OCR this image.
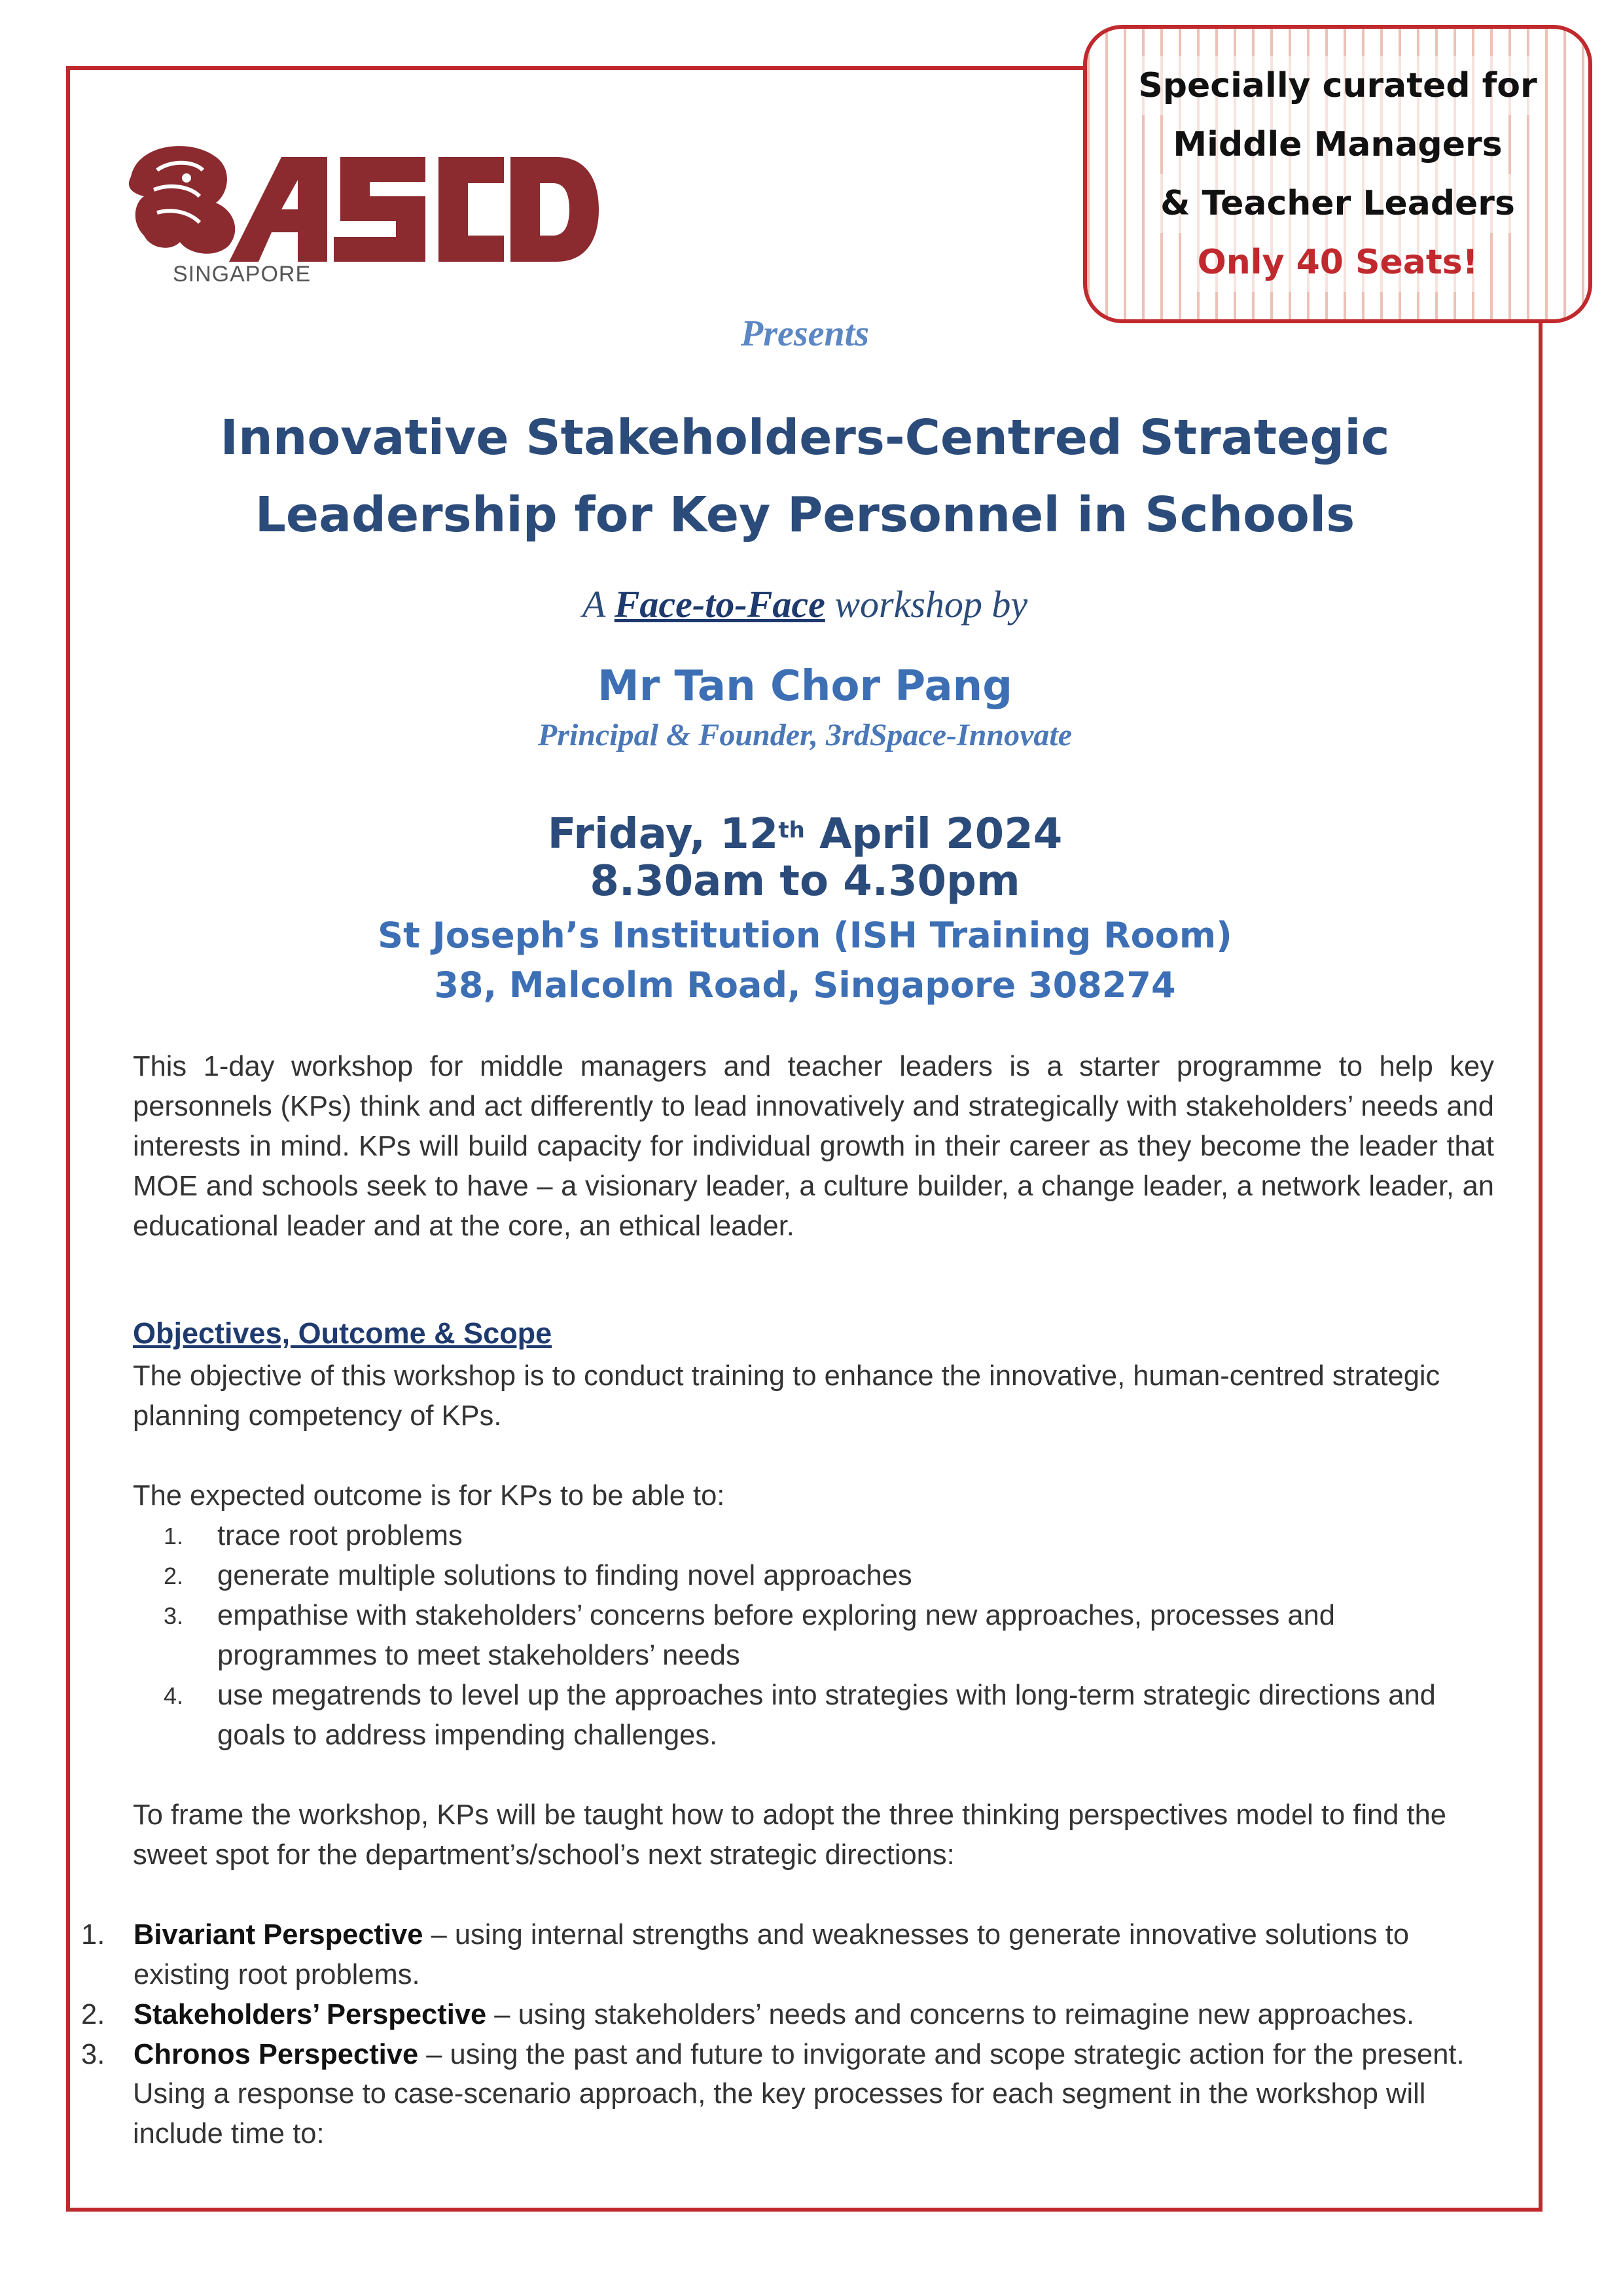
Specially curated for
Middle Managers
& Teacher Leaders
Only 40 Seats!
SINGAPORE
Presents
Innovative Stakeholders-Centred Strategic
Leadership for Key Personnel in Schools
A Face-to-Face workshop by
Mr Tan Chor Pang
Principal & Founder, 3rdSpace-Innovate
Friday, 12th April 2024
8.30am to 4.30pm
St Joseph’s Institution (ISH Training Room)
38, Malcolm Road, Singapore 308274
This 1-day workshop for middle managers and teacher leaders is a starter programme to help key personnels (KPs) think and act differently to lead innovatively and strategically with stakeholders’ needs and interests in mind. KPs will build capacity for individual growth in their career as they become the leader that MOE and schools seek to have – a visionary leader, a culture builder, a change leader, a network leader, an educational leader and at the core, an ethical leader.
Objectives, Outcome & Scope
The objective of this workshop is to conduct training to enhance the innovative, human-centred strategic planning competency of KPs.
The expected outcome is for KPs to be able to:
1.	trace root problems
2.	generate multiple solutions to finding novel approaches
3.	empathise with stakeholders’ concerns before exploring new approaches, processes and programmes to meet stakeholders’ needs
4.	use megatrends to level up the approaches into strategies with long-term strategic directions and goals to address impending challenges.
To frame the workshop, KPs will be taught how to adopt the three thinking perspectives model to find the sweet spot for the department’s/school’s next strategic directions:
1.	Bivariant Perspective – using internal strengths and weaknesses to generate innovative solutions to existing root problems.
2.	Stakeholders’ Perspective – using stakeholders’ needs and concerns to reimagine new approaches.
3.	Chronos Perspective – using the past and future to invigorate and scope strategic action for the present.
Using a response to case-scenario approach, the key processes for each segment in the workshop will include time to:
